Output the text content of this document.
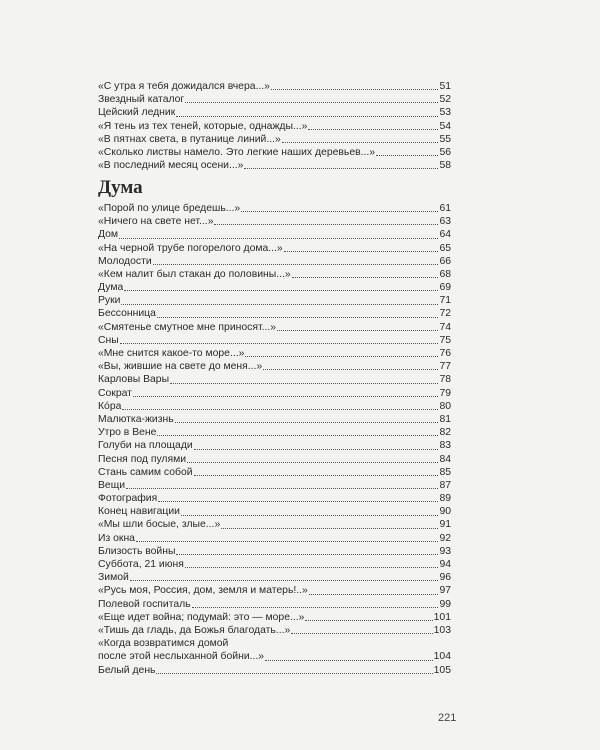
«С утра я тебя дожидался вчера...»	51
Звездный каталог	52
Цейский ледник	53
«Я тень из тех теней, которые, однажды...»	54
«В пятнах света, в путанице линий...»	55
«Сколько листвы намело. Это легкие наших деревьев...»	56
«В последний месяц осени...»	58
Дума
«Порой по улице бредешь...»	61
«Ничего на свете нет...»	63
Дом	64
«На черной трубе погорелого дома...»	65
Молодости	66
«Кем налит был стакан до половины...»	68
Дума	69
Руки	71
Бессонница	72
«Смятенье смутное мне приносят...»	74
Сны	75
«Мне снится какое-то море...»	76
«Вы, жившие на свете до меня...»	77
Карловы Вары	78
Сократ	79
Кóра	80
Малютка-жизнь	81
Утро в Вене	82
Голуби на площади	83
Песня под пулями	84
Стань самим собой	85
Вещи	87
Фотография	89
Конец навигации	90
«Мы шли босые, злые...»	91
Из окна	92
Близость войны	93
Суббота, 21 июня	94
Зимой	96
«Русь моя, Россия, дом, земля и матерь!..»	97
Полевой госпиталь	99
«Еще идет война; подумай: это — море...»	101
«Тишь да гладь, да Божья благодать...»	103
«Когда возвратимся домой
после этой неслыханной бойни...»	104
Белый день	105
221
